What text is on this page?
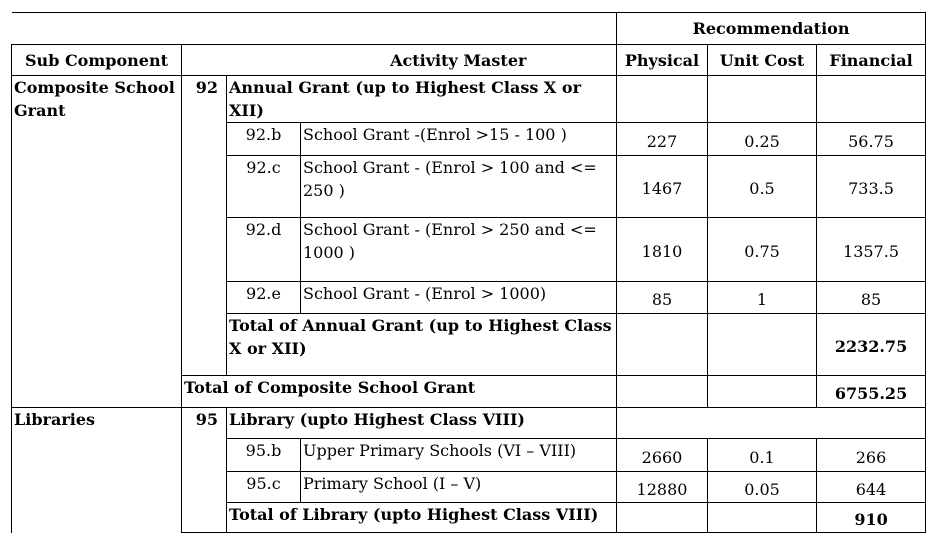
				Recommendation		
Sub Component			Activity Master	Physical	Unit Cost	Financial
Composite School Grant	92	Annual Grant (up to Highest Class X or XII)				
		92.b	School Grant -(Enrol >15 - 100 )	227	0.25	56.75
		92.c	School Grant - (Enrol > 100 and <= 250 )	1467	0.5	733.5
		92.d	School Grant - (Enrol > 250 and <= 1000 )	1810	0.75	1357.5
		92.e	School Grant - (Enrol > 1000)	85	1	85
		Total of Annual Grant (up to Highest Class X or XII)				2232.75
	Total of Composite School Grant					6755.25
Libraries	95	Library (upto Highest Class VIII)				
		95.b	Upper Primary Schools (VI – VIII)	2660	0.1	266
		95.c	Primary School (I – V)	12880	0.05	644
		Total of Library (upto Highest Class VIII)				910
